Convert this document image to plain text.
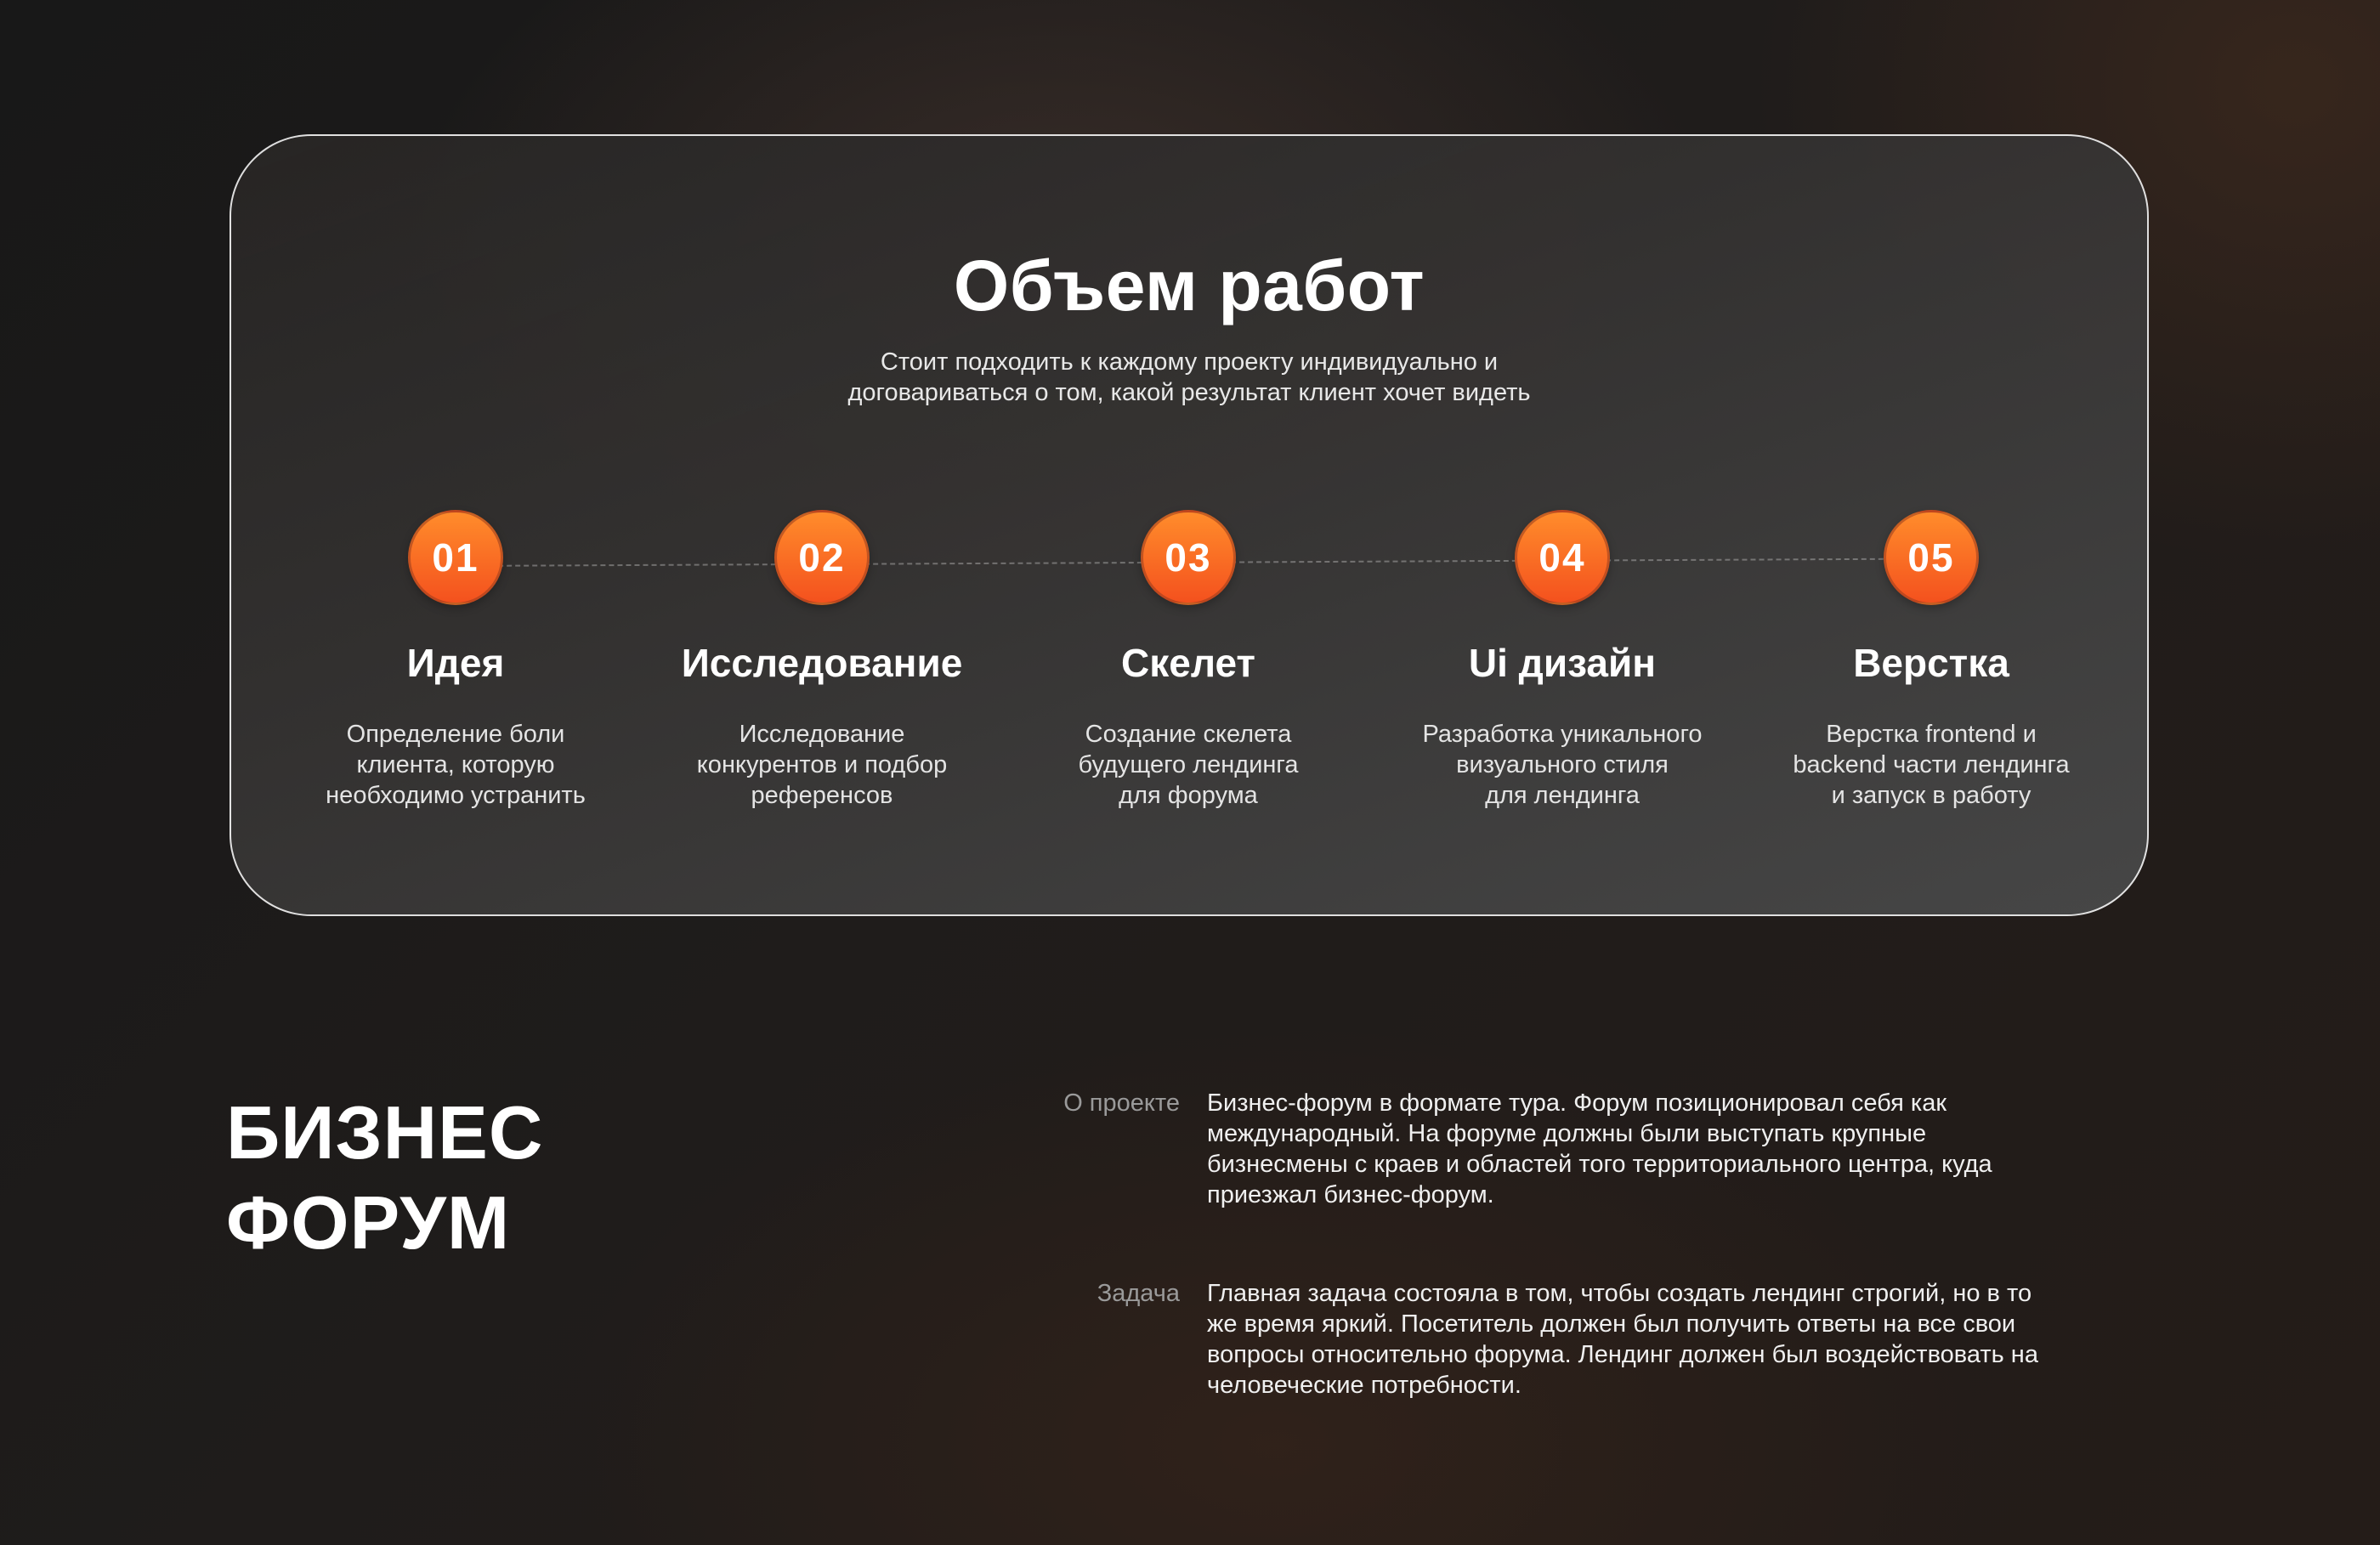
Объем работ

Стоит подходить к каждому проекту индивидуально и
договариваться о том, какой результат клиент хочет видеть

01
Идея
Определение боли
клиента, которую
необходимо устранить
02
Исследование
Исследование
конкурентов и подбор
референсов
03
Скелет
Создание скелета
будущего лендинга
для форума
04
Ui дизайн
Разработка уникального
визуального стиля
для лендинга
05
Верстка
Верстка frontend и
backend части лендинга
и запуск в работу
БИЗНЕС
ФОРУМ
О проекте Бизнес-форум в формате тура. Форум позиционировал себя как
международный. На форуме должны были выступать крупные
бизнесмены с краев и областей того территориального центра, куда
приезжал бизнес-форум.
Задача Главная задача состояла в том, чтобы создать лендинг строгий, но в то
же время яркий. Посетитель должен был получить ответы на все свои
вопросы относительно форума. Лендинг должен был воздействовать на
человеческие потребности.
